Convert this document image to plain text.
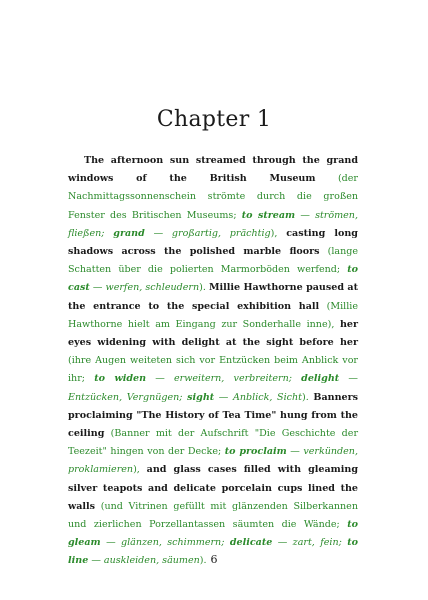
Chapter 1

The afternoon sun streamed through the grand windows of the British Museum (der Nachmittagssonnenschein strömte durch die großen Fenster des Britischen Museums; to stream — strömen, fließen; grand — großartig, prächtig), casting long shadows across the polished marble floors (lange Schatten über die polierten Marmorböden werfend; to cast — werfen, schleudern). Millie Hawthorne paused at the entrance to the special exhibition hall (Millie Hawthorne hielt am Eingang zur Sonderhalle inne), her eyes widening with delight at the sight before her (ihre Augen weiteten sich vor Entzücken beim Anblick vor ihr; to widen — erweitern, verbreitern; delight — Entzücken, Vergnügen; sight — Anblick, Sicht). Banners proclaiming "The History of Tea Time" hung from the ceiling (Banner mit der Aufschrift "Die Geschichte der Teezeit" hingen von der Decke; to proclaim — verkünden, proklamieren), and glass cases filled with gleaming silver teapots and delicate porcelain cups lined the walls (und Vitrinen gefüllt mit glänzenden Silberkannen und zierlichen Porzellantassen säumten die Wände; to gleam — glänzen, schimmern; delicate — zart, fein; to line — auskleiden, säumen). 6
